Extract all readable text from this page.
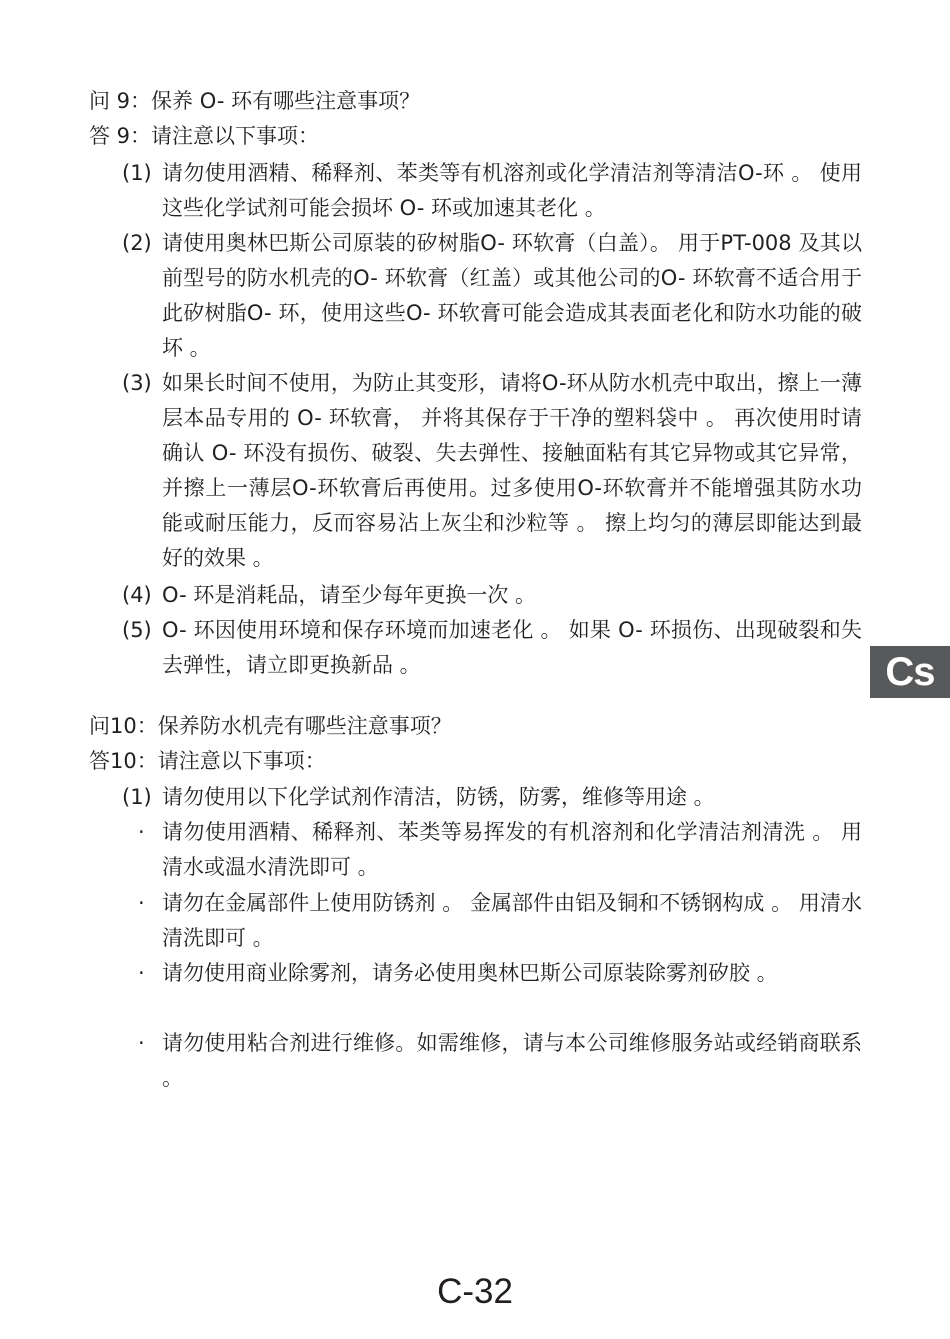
问 9：保养 O- 环有哪些注意事项？
答 9：请注意以下事项：
(1) 请勿使用酒精、稀释剂、苯类等有机溶剂或化学清洁剂等清洁O-环 。 使用这些化学试剂可能会损坏 O- 环或加速其老化 。
(2) 请使用奥林巴斯公司原装的矽树脂O- 环软膏（白盖）。 用于PT-008 及其以前型号的防水机壳的O- 环软膏（红盖）或其他公司的O- 环软膏不适合用于此矽树脂O- 环，使用这些O- 环软膏可能会造成其表面老化和防水功能的破坏 。
(3) 如果长时间不使用，为防止其变形，请将O-环从防水机壳中取出，擦上一薄层本品专用的 O- 环软膏， 并将其保存于干净的塑料袋中 。 再次使用时请确认 O- 环没有损伤、破裂、失去弹性、接触面粘有其它异物或其它异常，并擦上一薄层O-环软膏后再使用。过多使用O-环软膏并不能增强其防水功能或耐压能力，反而容易沾上灰尘和沙粒等 。 擦上均匀的薄层即能达到最好的效果 。
(4) O- 环是消耗品，请至少每年更换一次 。
(5) O- 环因使用环境和保存环境而加速老化 。 如果 O- 环损伤、出现破裂和失去弹性，请立即更换新品 。
问10：保养防水机壳有哪些注意事项？
答10：请注意以下事项：
(1) 请勿使用以下化学试剂作清洁，防锈，防雾，维修等用途 。
· 请勿使用酒精、稀释剂、苯类等易挥发的有机溶剂和化学清洁剂清洗 。 用清水或温水清洗即可 。
· 请勿在金属部件上使用防锈剂 。 金属部件由铝及铜和不锈钢构成 。 用清水清洗即可 。
· 请勿使用商业除雾剂，请务必使用奥林巴斯公司原装除雾剂矽胶 。
· 请勿使用粘合剂进行维修。如需维修，请与本公司维修服务站或经销商联系 。
Cs
C-32
